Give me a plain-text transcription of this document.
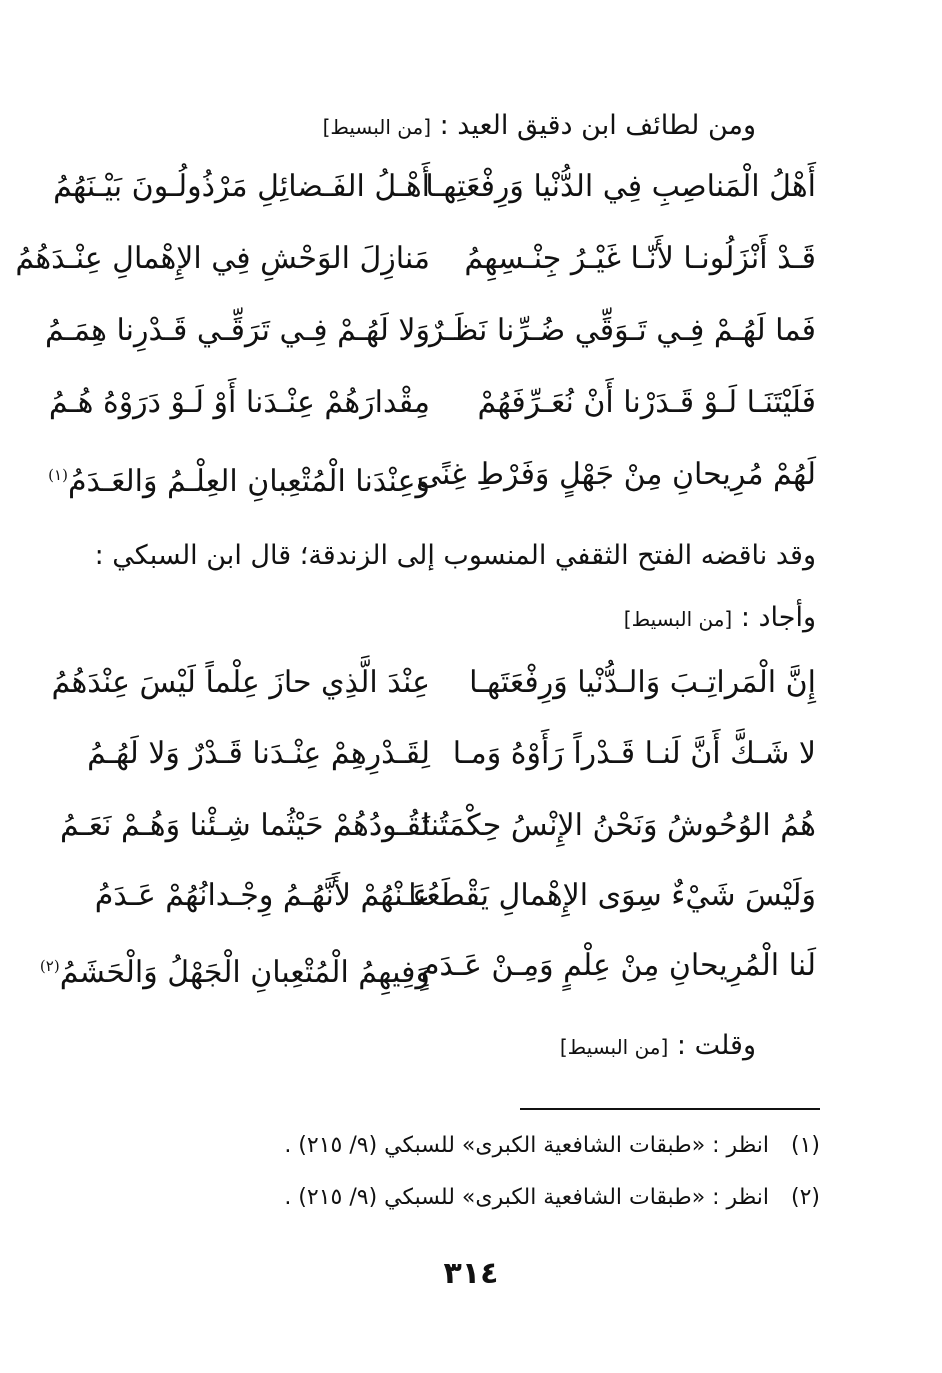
ومن لطائف ابن دقيق العيد : [من البسيط]
أَهْلُ الْمَناصِبِ فِي الدُّنْيا وَرِفْعَتِهـا
أَهْـلُ الفَـضائِلِ مَرْذُولُـونَ بَيْـنَهُمُ
قَـدْ أَنْزَلُونـا لأَنّـا غَيْـرُ جِنْـسِهِمُ
مَنازِلَ الوَحْشِ فِي الإِهْمالِ عِنْـدَهُمُ
فَما لَهُـمْ فِـي تَـوَقِّي ضُـرِّنا نَظَـرٌ
وَلا لَهُـمْ فِـي تَرَقِّـي قَـدْرِنا هِمَـمُ
فَلَيْتَنَـا لَـوْ قَـدَرْنا أَنْ نُعَـرِّفَهُمْ
مِقْدارَهُمْ عِنْـدَنا أَوْ لَـوْ دَرَوْهُ هُـمُ
لَهُمْ مُرِيحانِ مِنْ جَهْلٍ وَفَرْطِ غِنًى
وَعِنْدَنا الْمُتْعِبانِ العِلْـمُ وَالعَـدَمُ$^{(١)}$
وقد ناقضه الفتح الثقفي المنسوب إلى الزندقة؛ قال ابن السبكي :
وأجاد : [من البسيط]
إِنَّ الْمَراتِـبَ وَالـدُّنْيا وَرِفْعَتَهـا
عِنْدَ الَّذِي حازَ عِلْماً لَيْسَ عِنْدَهُمُ
لا شَـكَّ أَنَّ لَنـا قَـدْراً رَأَوْهُ وَمـا
لِقَـدْرِهِمْ عِنْـدَنا قَـدْرٌ وَلا لَهُـمُ
هُمُ الوُحُوشُ وَنَحْنُ الإِنْسُ حِكْمَتُنا
تَقُـودُهُمْ حَيْثُما شِـئْنا وَهُـمْ نَعَـمُ
وَلَيْسَ شَيْءٌ سِوَى الإِهْمالِ يَقْطَعُنا
عَـنْهُمْ لأَنَّهُـمُ وِجْـدانُهُمْ عَـدَمُ
لَنا الْمُرِيحانِ مِنْ عِلْمٍ وَمِـنْ عَـدَمٍ
وَفِيهِمُ الْمُتْعِبانِ الْجَهْلُ وَالْحَشَمُ$^{(٢)}$
وقلت : [من البسيط]
(١)انظر : «طبقات الشافعية الكبرى» للسبكي (٩/ ٢١٥) .
(٢)انظر : «طبقات الشافعية الكبرى» للسبكي (٩/ ٢١٥) .
٣١٤
